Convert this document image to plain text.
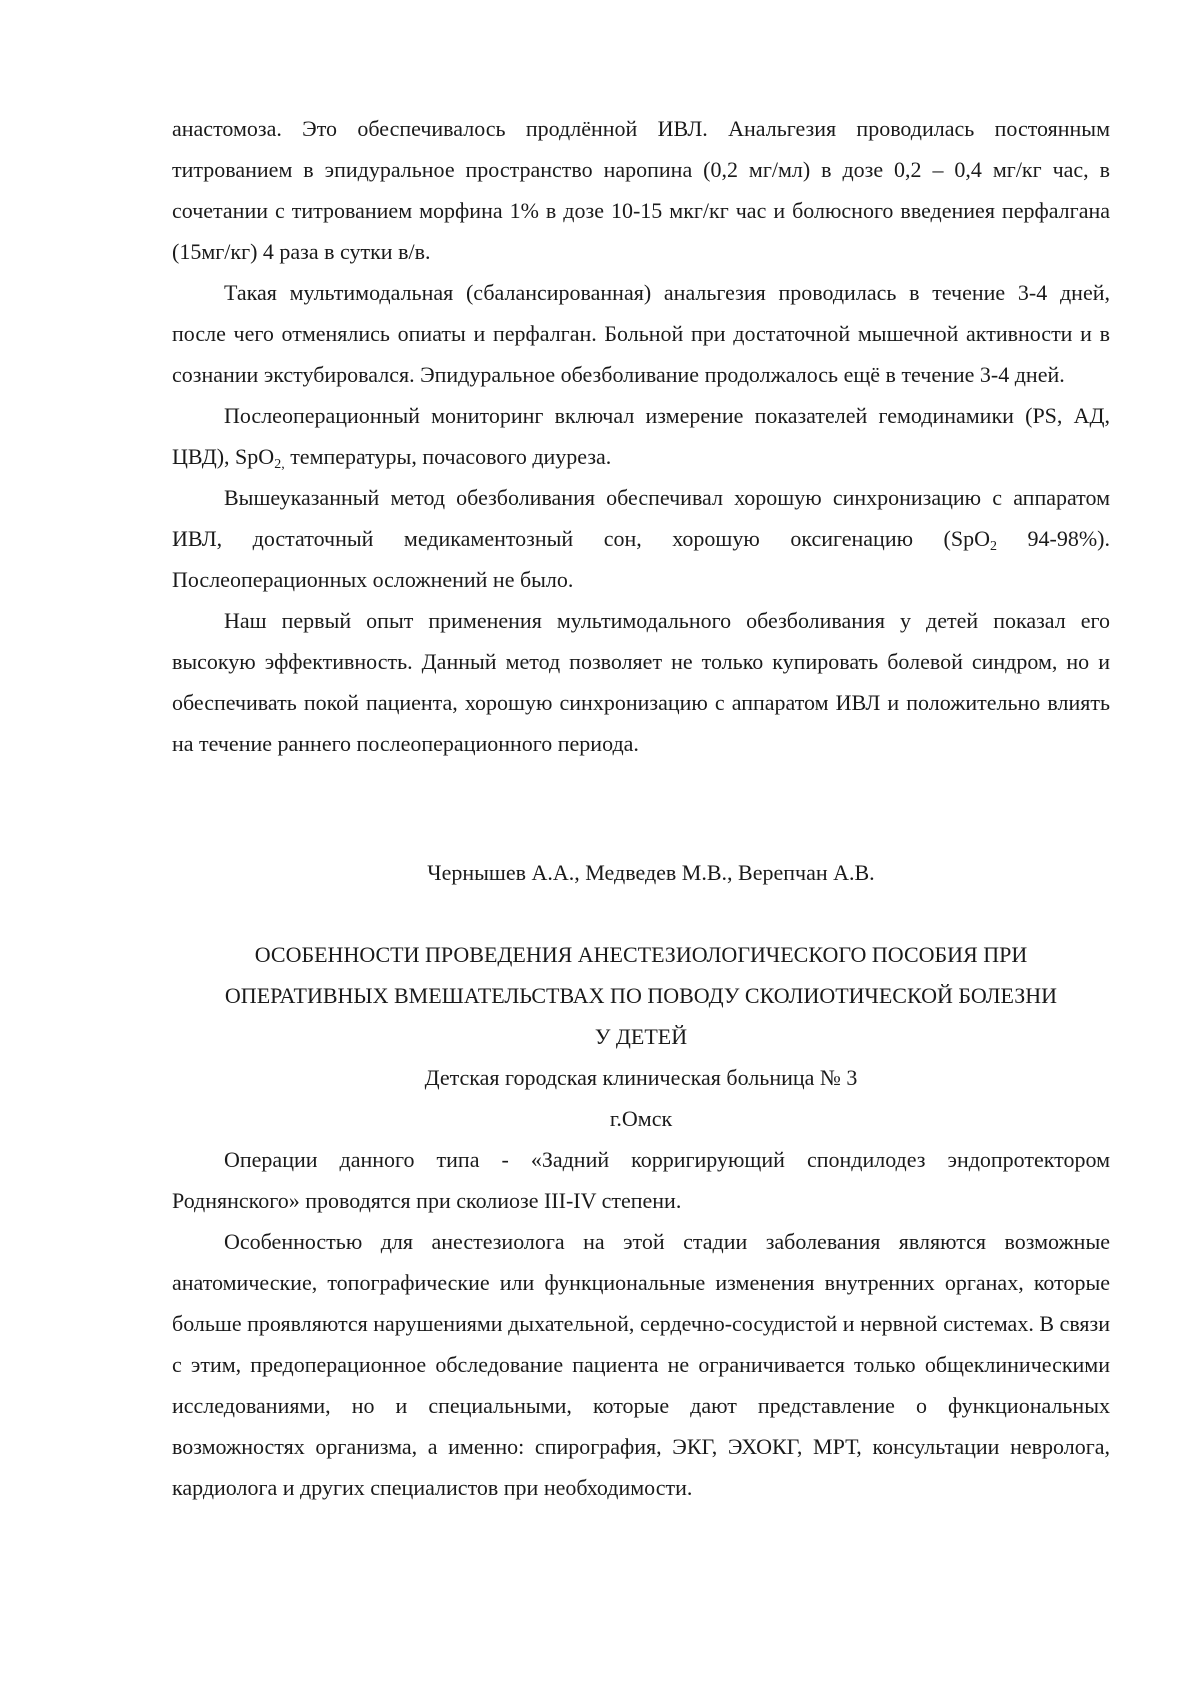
анастомоза. Это обеспечивалось продлённой ИВЛ. Анальгезия проводилась постоянным титрованием в эпидуральное пространство наропина (0,2 мг/мл) в дозе 0,2 – 0,4 мг/кг час, в сочетании с титрованием морфина 1% в дозе 10-15 мкг/кг час и болюсного введениея перфалгана (15мг/кг) 4 раза в сутки в/в.

Такая мультимодальная (сбалансированная) анальгезия проводилась в течение 3-4 дней, после чего отменялись опиаты и перфалган. Больной при достаточной мышечной активности и в сознании экстубировался. Эпидуральное обезболивание продолжалось ещё в течение 3-4 дней.

Послеоперационный мониторинг включал измерение показателей гемодинамики (PS, АД, ЦВД), SpO$_{2,}$ температуры, почасового диуреза.

Вышеуказанный метод обезболивания обеспечивал хорошую синхронизацию с аппаратом ИВЛ, достаточный медикаментозный сон, хорошую оксигенацию (SpO$_2$ 94-98%). Послеоперационных осложнений не было.

Наш первый опыт применения мультимодального обезболивания у детей показал его высокую эффективность. Данный метод позволяет не только купировать болевой синдром, но и обеспечивать покой пациента, хорошую синхронизацию с аппаратом ИВЛ и положительно влиять на течение раннего послеоперационного периода.

Чернышев А.А., Медведев М.В., Верепчан А.В.
ОСОБЕННОСТИ ПРОВЕДЕНИЯ АНЕСТЕЗИОЛОГИЧЕСКОГО ПОСОБИЯ ПРИ
ОПЕРАТИВНЫХ ВМЕШАТЕЛЬСТВАХ ПО ПОВОДУ СКОЛИОТИЧЕСКОЙ БОЛЕЗНИ
У ДЕТЕЙ
Детская городская клиническая больница № 3
г.Омск

Операции данного типа - «Задний корригирующий спондилодез эндопротектором Роднянского» проводятся при сколиозе III-IV степени.

Особенностью для анестезиолога на этой стадии заболевания являются возможные анатомические, топографические или функциональные изменения внутренних органах, которые больше проявляются нарушениями дыхательной, сердечно-сосудистой и нервной системах. В связи с этим, предоперационное обследование пациента не ограничивается только общеклиническими исследованиями, но и специальными, которые дают представление о функциональных возможностях организма, а именно: спирография, ЭКГ, ЭХОКГ, МРТ, консультации невролога, кардиолога и других специалистов при необходимости.
